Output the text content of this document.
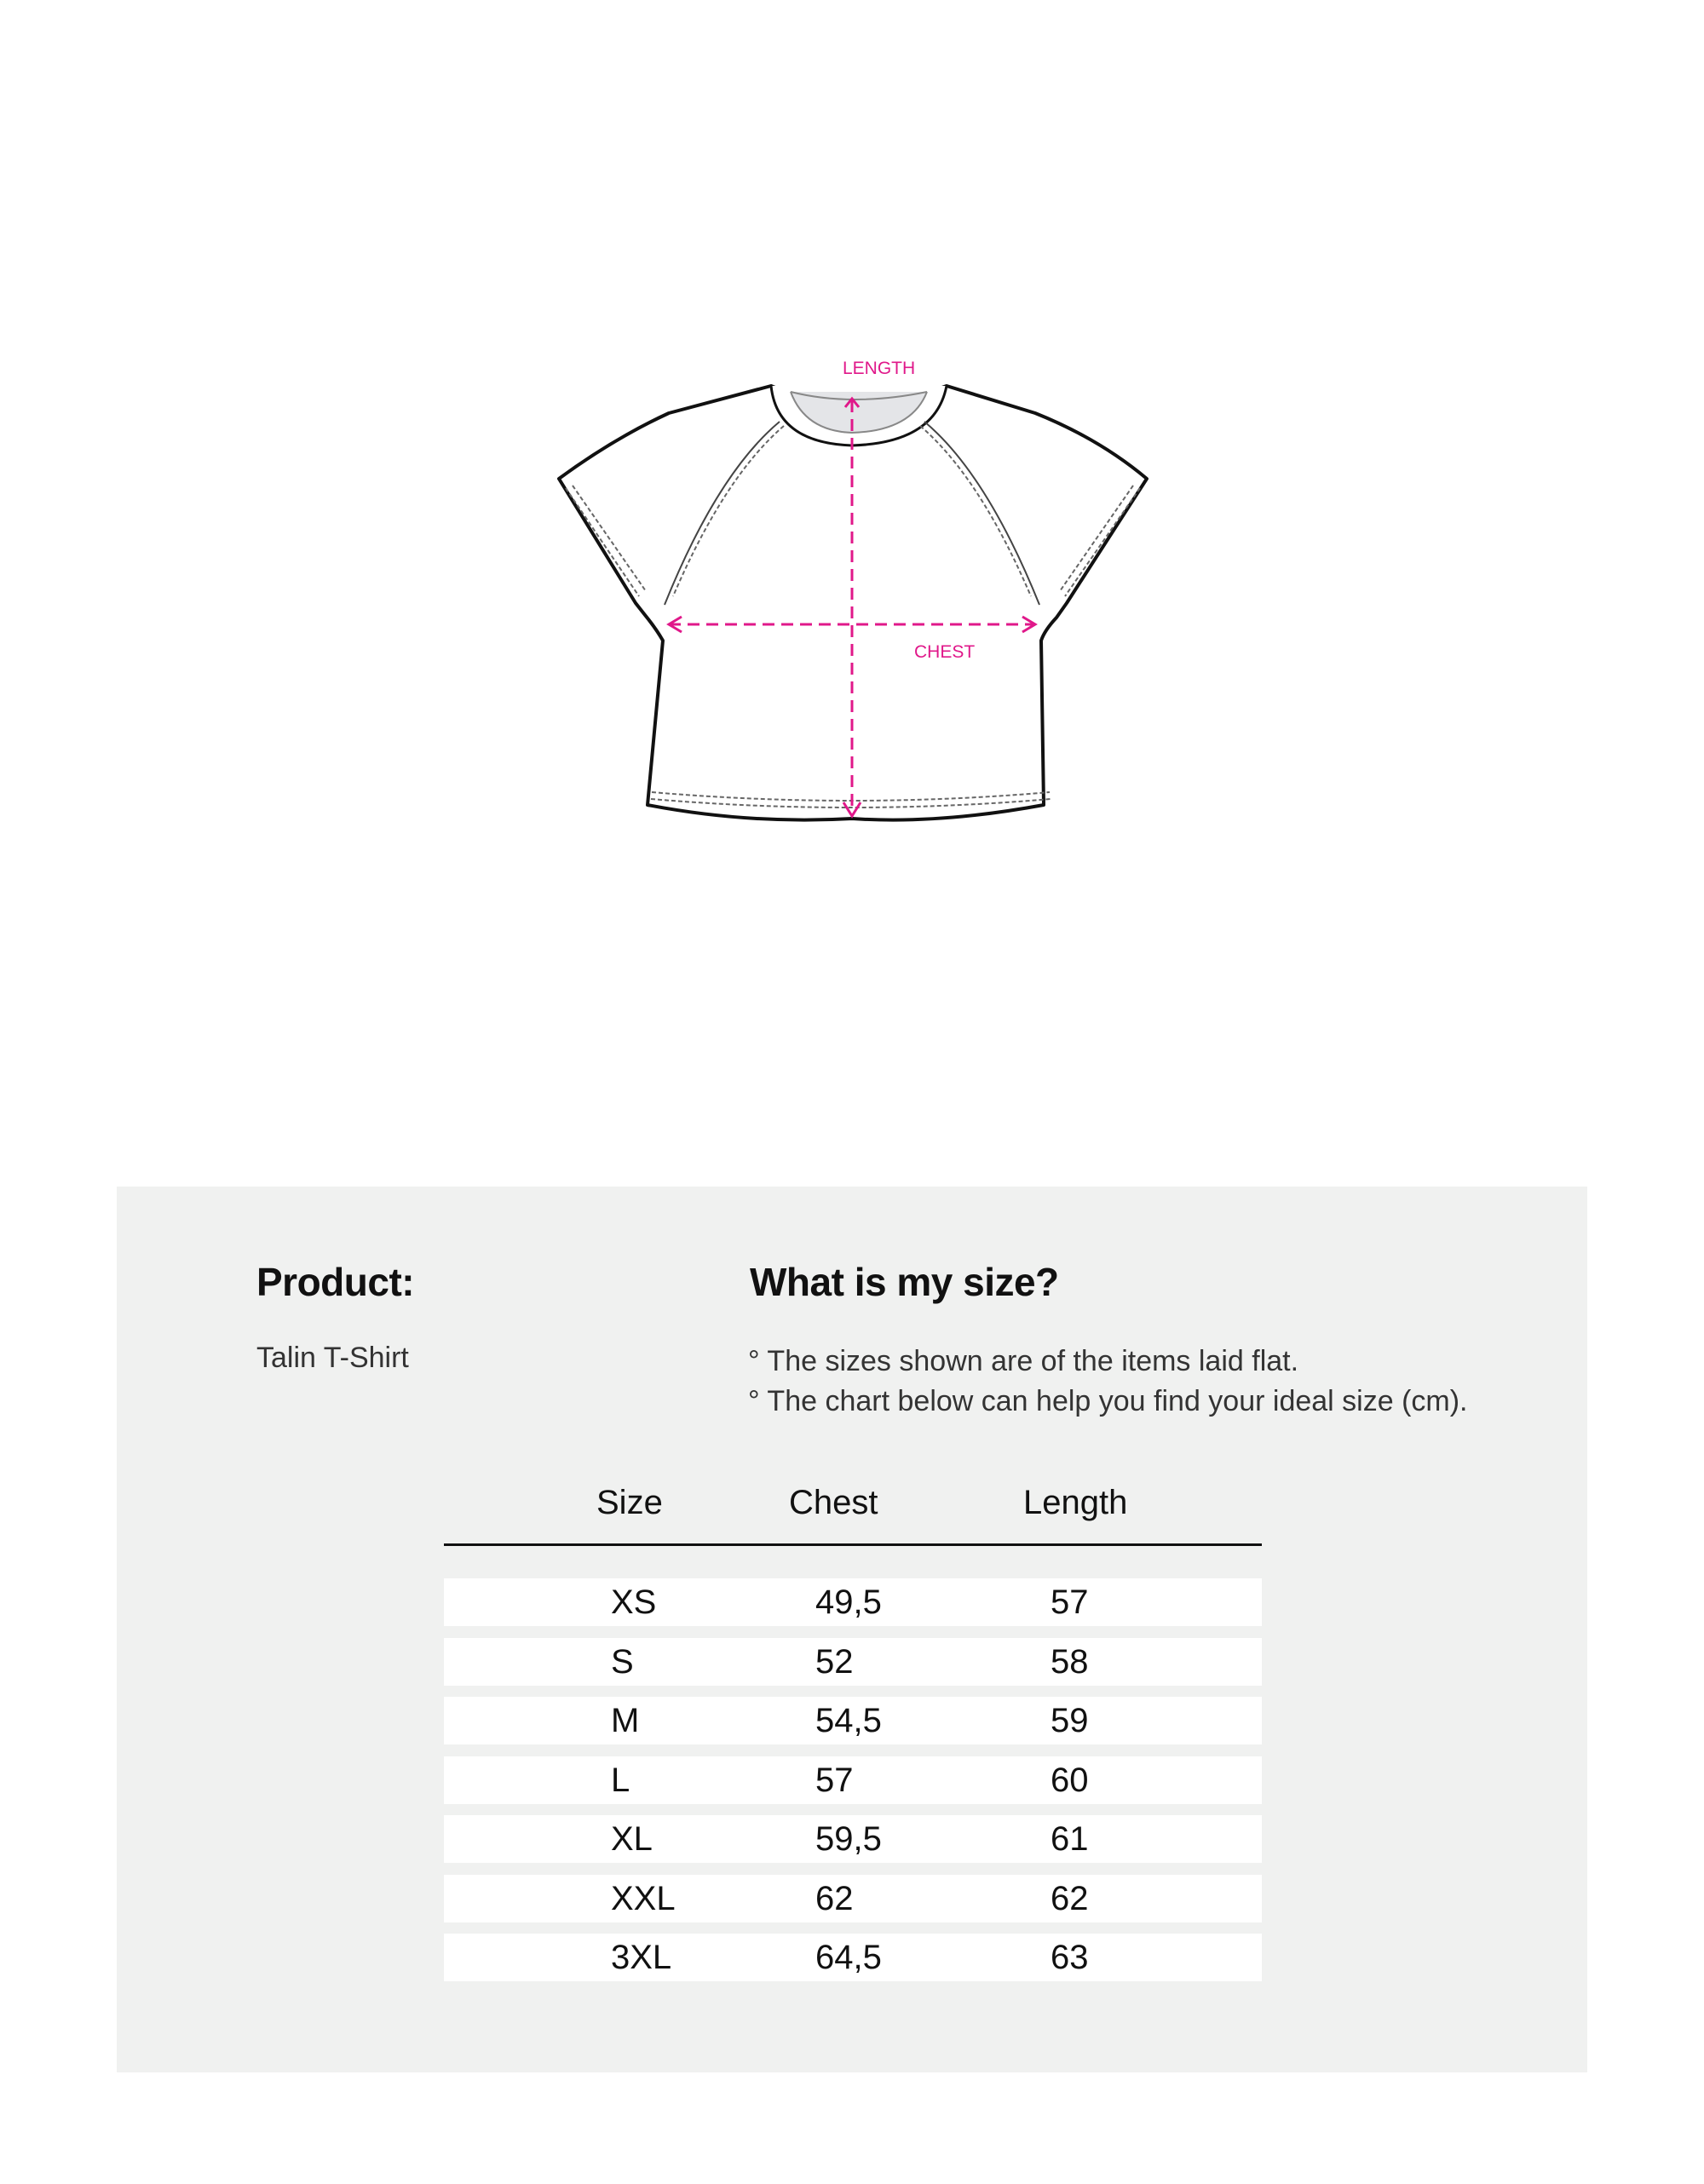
LENGTH
CHEST
Product:
Talin T-Shirt
What is my size?
° The sizes shown are of the items laid flat.
° The chart below can help you find your ideal size (cm).
Size	Chest	Length
XS	49,5	57
S	52	58
M	54,5	59
L	57	60
XL	59,5	61
XXL	62	62
3XL	64,5	63
